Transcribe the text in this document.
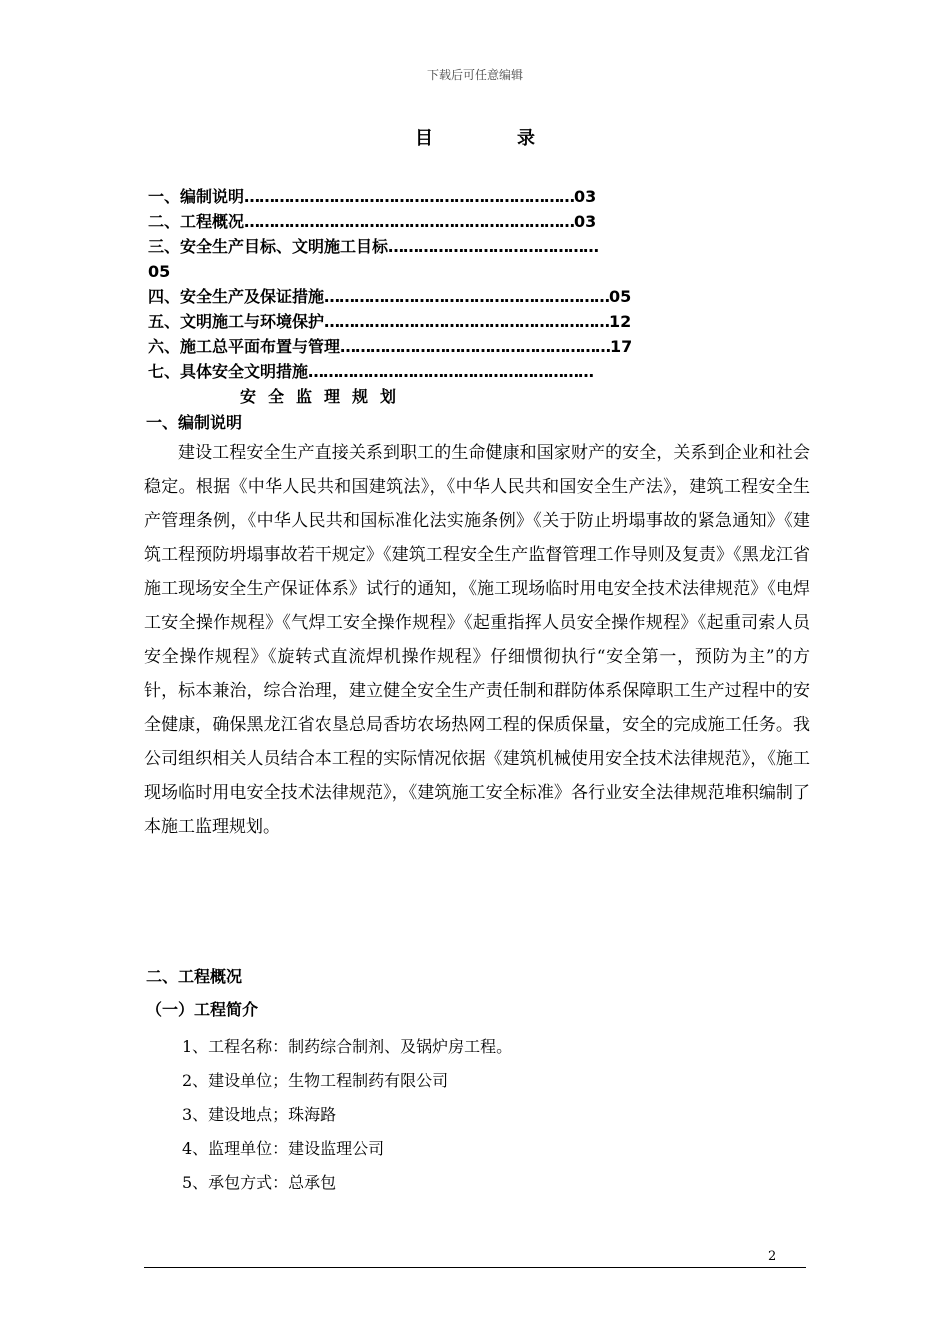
下载后可任意编辑
目	录
一、编制说明…………………………………………………………03
二、工程概况…………………………………………………………03
三、安全生产目标、文明施工目标……………………………………
05
四、安全生产及保证措施…………………………………………………05
五、文明施工与环境保护…………………………………………………12
六、施工总平面布置与管理………………………………………………17
七、具体安全文明措施…………………………………………………
安全监理规划
一、编制说明

建设工程安全生产直接关系到职工的生命健康和国家财产的安全，关系到企业和社会稳定。根据《中华人民共和国建筑法》，《中华人民共和国安全生产法》，建筑工程安全生产管理条例，《中华人民共和国标准化法实施条例》《关于防止坍塌事故的紧急通知》《建筑工程预防坍塌事故若干规定》《建筑工程安全生产监督管理工作导则及复责》《黑龙江省施工现场安全生产保证体系》试行的通知，《施工现场临时用电安全技术法律规范》《电焊工安全操作规程》《气焊工安全操作规程》《起重指挥人员安全操作规程》《起重司索人员安全操作规程》《旋转式直流焊机操作规程》仔细惯彻执行“安全第一，预防为主”的方针，标本兼治，综合治理，建立健全安全生产责任制和群防体系保障职工生产过程中的安全健康，确保黑龙江省农垦总局香坊农场热网工程的保质保量，安全的完成施工任务。我公司组织相关人员结合本工程的实际情况依据《建筑机械使用安全技术法律规范》，《施工现场临时用电安全技术法律规范》，《建筑施工安全标准》各行业安全法律规范堆积编制了本施工监理规划。

二、工程概况
（一）工程简介
1、工程名称：制药综合制剂、及锅炉房工程。
2、建设单位；生物工程制药有限公司
3、建设地点；珠海路
4、监理单位：建设监理公司
5、承包方式：总承包
2
